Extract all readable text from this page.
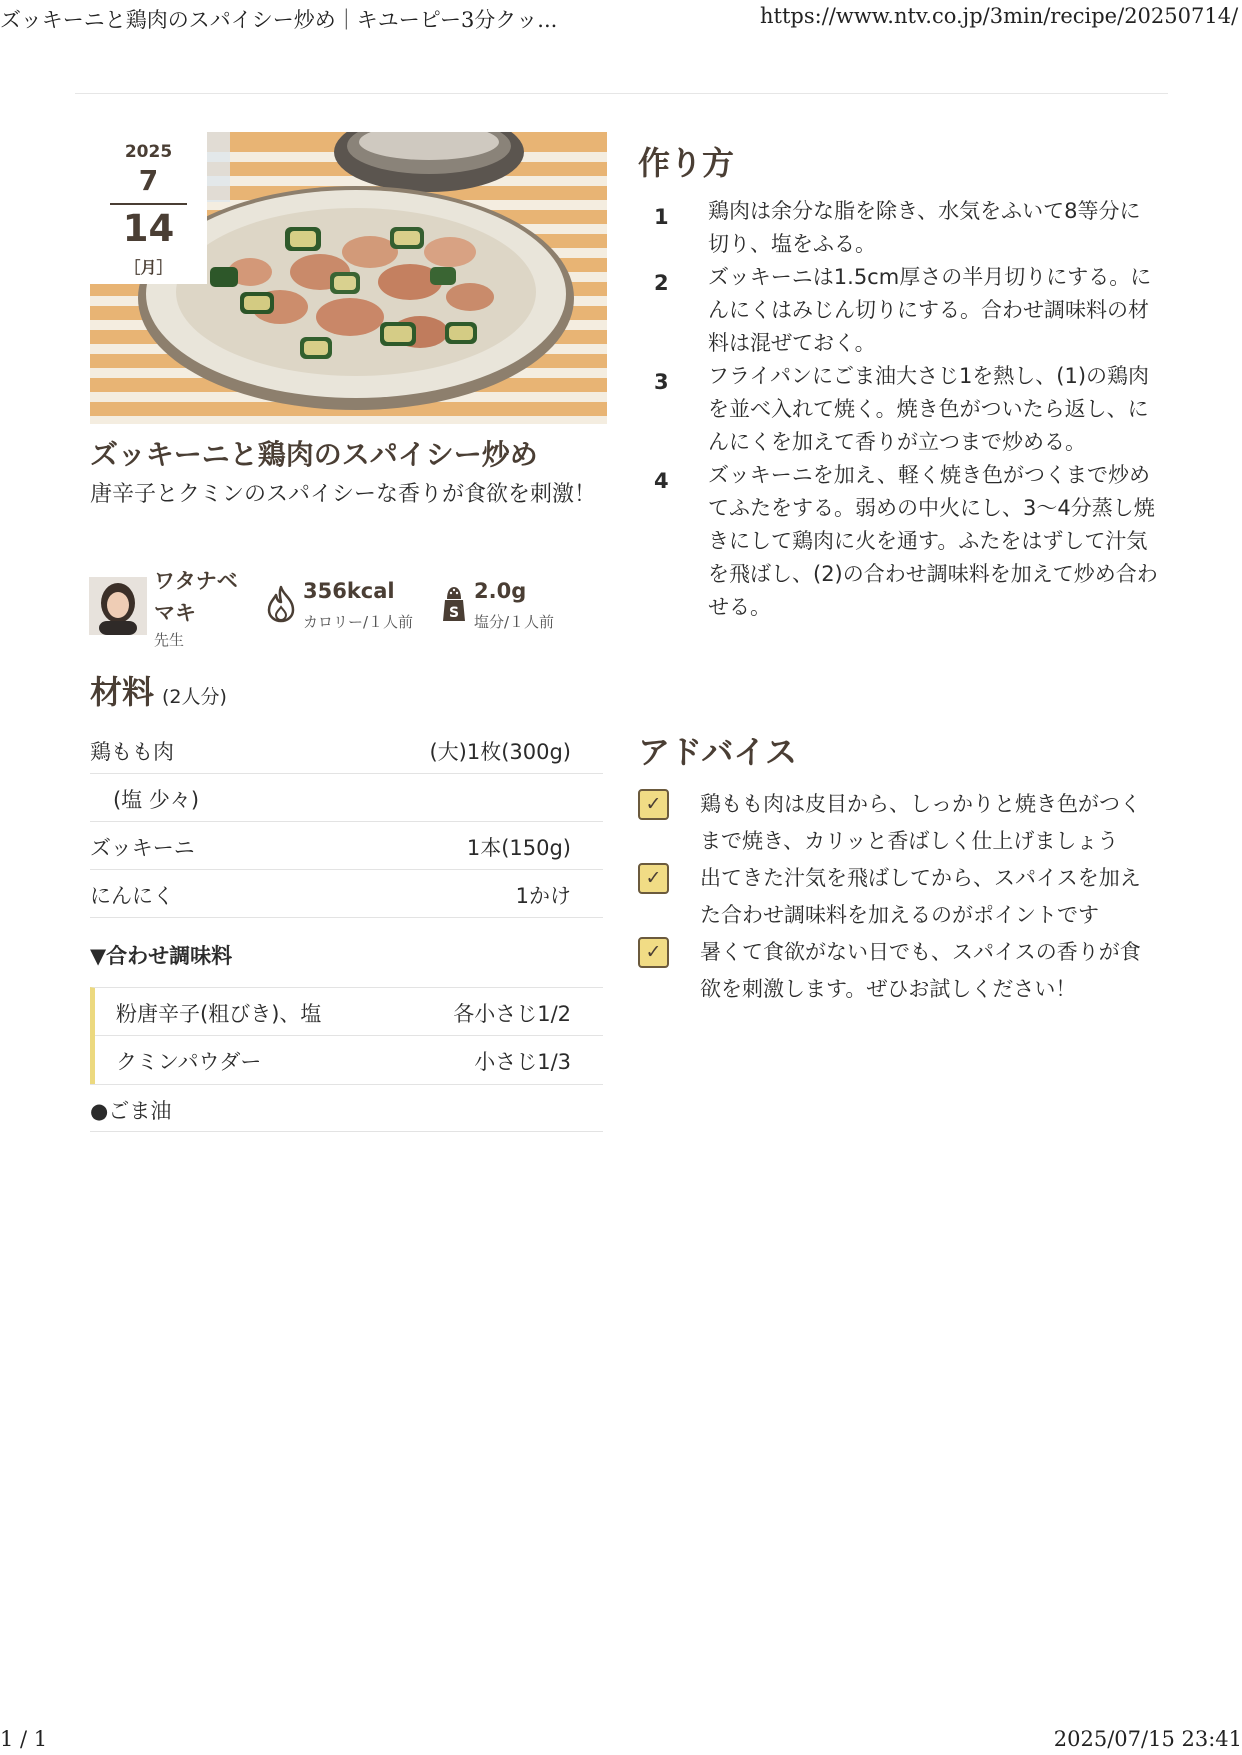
ズッキーニと鶏肉のスパイシー炒め｜キユーピー3分クッ...	https://www.ntv.co.jp/3min/recipe/20250714/
2025
7
14
［月］
ズッキーニと鶏肉のスパイシー炒め
唐辛子とクミンのスパイシーな香りが食欲を刺激！
ワタナベマキ
先生
356kcal
カロリー/１人前	S
2.0g
塩分/１人前
材料 (2人分)
鶏もも肉	(大)1枚(300g)
(塩 少々)
ズッキーニ	1本(150g)
にんにく	1かけ
▼合わせ調味料
粉唐辛子(粗びき)、塩	各小さじ1/2
クミンパウダー	小さじ1/3
●ごま油
作り方
1 鶏肉は余分な脂を除き、水気をふいて8等分に切り、塩をふる。
2 ズッキーニは1.5cm厚さの半月切りにする。にんにくはみじん切りにする。合わせ調味料の材料は混ぜておく。
3 フライパンにごま油大さじ1を熱し、(1)の鶏肉を並べ入れて焼く。焼き色がついたら返し、にんにくを加えて香りが立つまで炒める。
4 ズッキーニを加え、軽く焼き色がつくまで炒めてふたをする。弱めの中火にし、3〜4分蒸し焼きにして鶏肉に火を通す。ふたをはずして汁気を飛ばし、(2)の合わせ調味料を加えて炒め合わせる。
アドバイス
✓	鶏もも肉は皮目から、しっかりと焼き色がつくまで焼き、カリッと香ばしく仕上げましょう
✓	出てきた汁気を飛ばしてから、スパイスを加えた合わせ調味料を加えるのがポイントです
✓	暑くて食欲がない日でも、スパイスの香りが食欲を刺激します。ぜひお試しください！
1 / 1	2025/07/15 23:41
